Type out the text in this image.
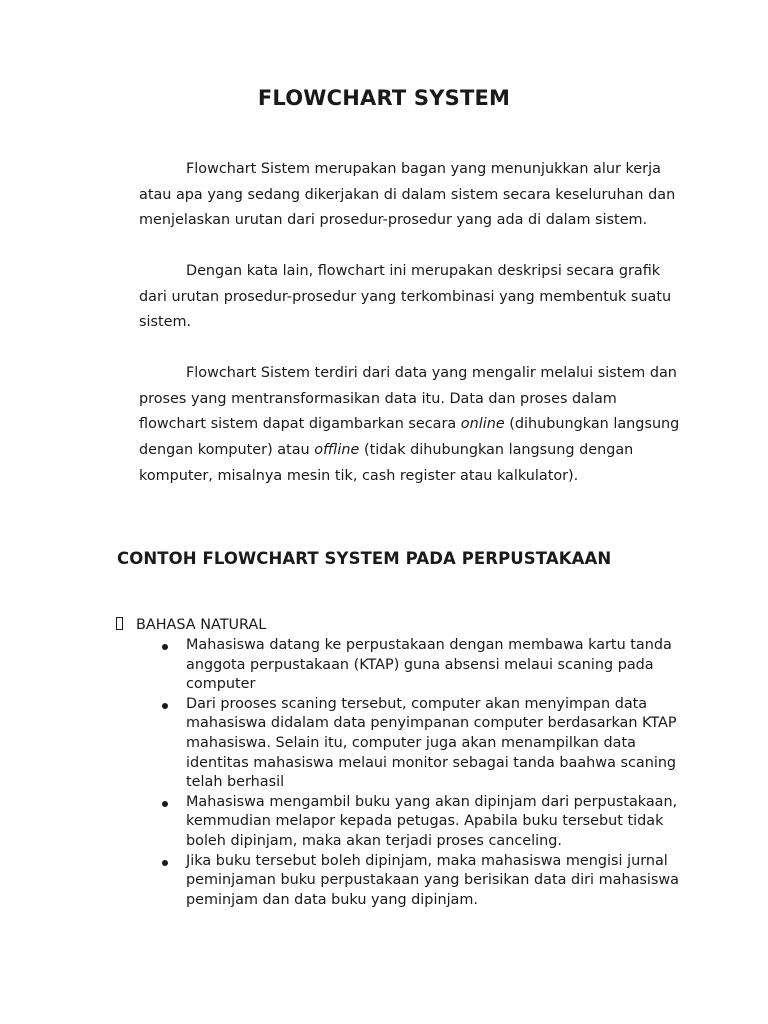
FLOWCHART SYSTEM

Flowchart Sistem merupakan bagan yang menunjukkan alur kerja atau apa yang sedang dikerjakan di dalam sistem secara keseluruhan dan menjelaskan urutan dari prosedur-prosedur yang ada di dalam sistem.

Dengan kata lain, flowchart ini merupakan deskripsi secara grafik dari urutan prosedur-prosedur yang terkombinasi yang membentuk suatu sistem.

Flowchart Sistem terdiri dari data yang mengalir melalui sistem dan proses yang mentransformasikan data itu. Data dan proses dalam flowchart sistem dapat digambarkan secara online (dihubungkan langsung dengan komputer) atau offline (tidak dihubungkan langsung dengan komputer, misalnya mesin tik, cash register atau kalkulator).

CONTOH FLOWCHART SYSTEM PADA PERPUSTAKAAN
BAHASA NATURAL
Mahasiswa datang ke perpustakaan dengan membawa kartu tanda anggota perpustakaan (KTAP) guna absensi melaui scaning pada computer
Dari prooses scaning tersebut, computer akan menyimpan data mahasiswa didalam data penyimpanan computer berdasarkan KTAP mahasiswa. Selain itu, computer juga akan menampilkan data identitas mahasiswa melaui monitor sebagai tanda baahwa scaning telah berhasil
Mahasiswa mengambil buku yang akan dipinjam dari perpustakaan, kemmudian melapor kepada petugas. Apabila buku tersebut tidak boleh dipinjam, maka akan terjadi proses canceling.
Jika buku tersebut boleh dipinjam, maka mahasiswa mengisi jurnal peminjaman buku perpustakaan yang berisikan data diri mahasiswa peminjam dan data buku yang dipinjam.
